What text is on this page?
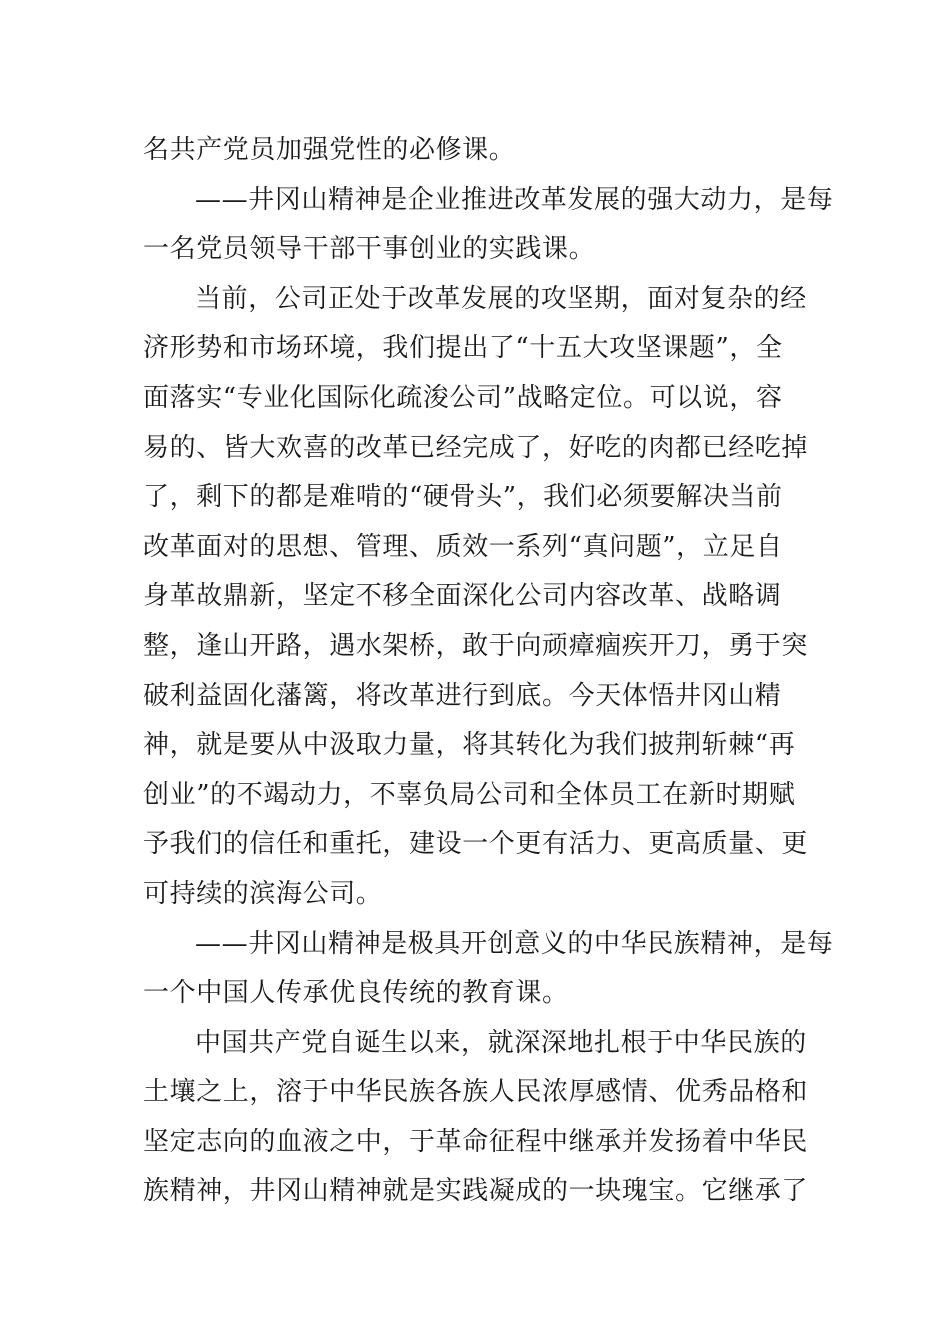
名共产党员加强党性的必修课。
——井冈山精神是企业推进改革发展的强大动力，是每
一名党员领导干部干事创业的实践课。
当前，公司正处于改革发展的攻坚期，面对复杂的经
济形势和市场环境，我们提出了“十五大攻坚课题”，全
面落实“专业化国际化疏浚公司”战略定位。可以说，容
易的、皆大欢喜的改革已经完成了，好吃的肉都已经吃掉
了，剩下的都是难啃的“硬骨头”，我们必须要解决当前
改革面对的思想、管理、质效一系列“真问题”，立足自
身革故鼎新，坚定不移全面深化公司内容改革、战略调
整，逢山开路，遇水架桥，敢于向顽瘴痼疾开刀，勇于突
破利益固化藩篱，将改革进行到底。今天体悟井冈山精
神，就是要从中汲取力量，将其转化为我们披荆斩棘“再
创业”的不竭动力，不辜负局公司和全体员工在新时期赋
予我们的信任和重托，建设一个更有活力、更高质量、更
可持续的滨海公司。
——井冈山精神是极具开创意义的中华民族精神，是每
一个中国人传承优良传统的教育课。
中国共产党自诞生以来，就深深地扎根于中华民族的
土壤之上，溶于中华民族各族人民浓厚感情、优秀品格和
坚定志向的血液之中，于革命征程中继承并发扬着中华民
族精神，井冈山精神就是实践凝成的一块瑰宝。它继承了
